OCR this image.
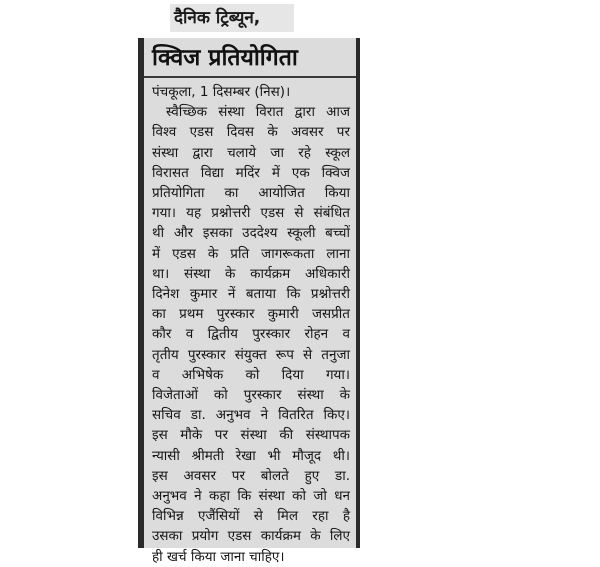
दैनिक ट्रिब्यून,
क्विज प्रतियोगिता
पंचकूला, 1 दिसम्बर (निस)।
स्वैच्छिक संस्था विरात द्वारा आज
विश्व एडस दिवस के अवसर पर
संस्था द्वारा चलाये जा रहे स्कूल
विरासत विद्या मदिंर में एक क्विज
प्रतियोगिता का आयोजित किया
गया। यह प्रश्नोत्तरी एडस से संबंधित
थी और इसका उददेश्य स्कूली बच्चों
में एडस के प्रति जागरूकता लाना
था। संस्था के कार्यक्रम अधिकारी
दिनेश कुमार नें बताया कि प्रश्नोत्तरी
का प्रथम पुरस्कार कुमारी जसप्रीत
कौर व द्वितीय पुरस्कार रोहन व
तृतीय पुरस्कार संयुक्त रूप से तनुजा
व अभिषेक को दिया गया।
विजेताओं को पुरस्कार संस्था के
सचिव डा. अनुभव ने वितरित किए।
इस मौके पर संस्था की संस्थापक
न्यासी श्रीमती रेखा भी मौजूद थी।
इस अवसर पर बोलते हुए डा.
अनुभव ने कहा कि संस्था को जो धन
विभिन्न एजैंसियों से मिल रहा है
उसका प्रयोग एडस कार्यक्रम के लिए
ही खर्च किया जाना चाहिए।
